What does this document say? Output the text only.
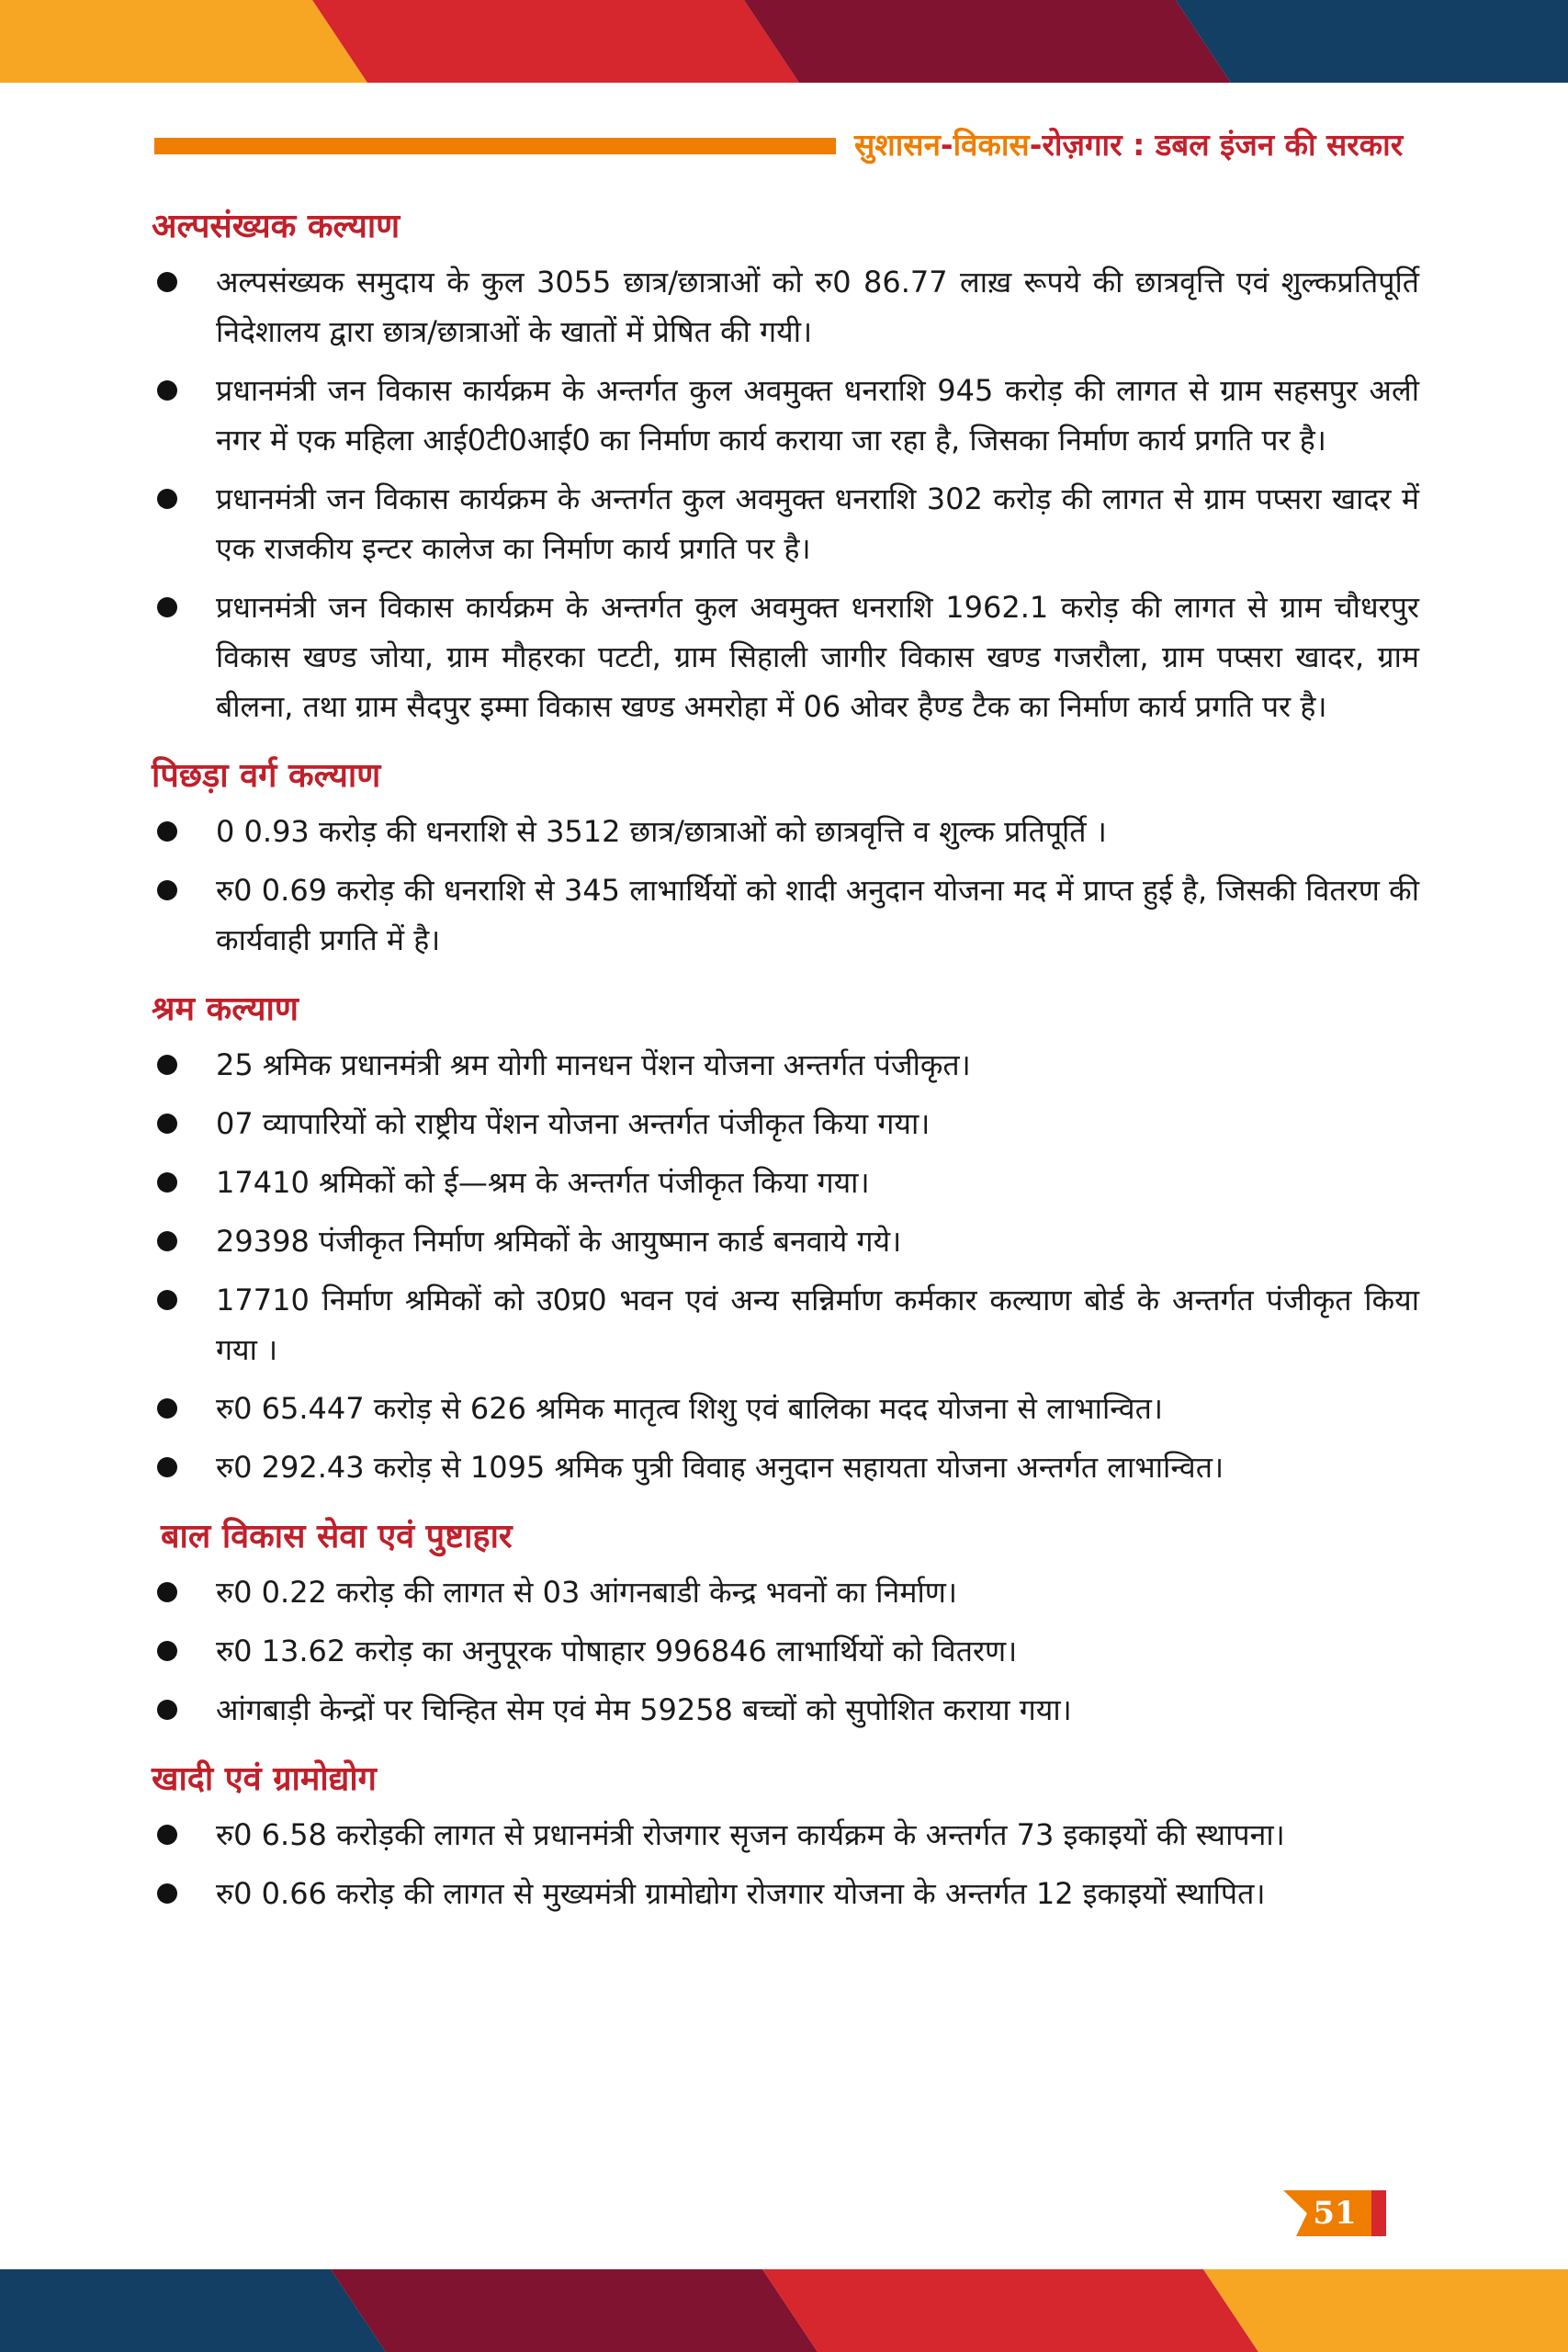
सुशासन-विकास-रोज़गार : डबल इंजन की सरकार
अल्पसंख्यक कल्याण
अल्पसंख्यक समुदाय के कुल 3055 छात्र/छात्राओं को रु0 86.77 लाख़ रूपये की छात्रवृत्ति एवं शुल्कप्रतिपूर्ति निदेशालय द्वारा छात्र/छात्राओं के खातों में प्रेषित की गयी।
प्रधानमंत्री जन विकास कार्यक्रम के अन्तर्गत कुल अवमुक्त धनराशि 945 करोड़ की लागत से ग्राम सहसपुर अली नगर में एक महिला आई0टी0आई0 का निर्माण कार्य कराया जा रहा है, जिसका निर्माण कार्य प्रगति पर है।
प्रधानमंत्री जन विकास कार्यक्रम के अन्तर्गत कुल अवमुक्त धनराशि 302 करोड़ की लागत से ग्राम पप्सरा खादर में एक राजकीय इन्टर कालेज का निर्माण कार्य प्रगति पर है।
प्रधानमंत्री जन विकास कार्यक्रम के अन्तर्गत कुल अवमुक्त धनराशि 1962.1 करोड़ की लागत से ग्राम चौधरपुर विकास खण्ड जोया, ग्राम मौहरका पटटी, ग्राम सिहाली जागीर विकास खण्ड गजरौला, ग्राम पप्सरा खादर, ग्राम बीलना, तथा ग्राम सैदपुर इम्मा विकास खण्ड अमरोहा में 06 ओवर हैण्ड टैक का निर्माण कार्य प्रगति पर है।
पिछड़ा वर्ग कल्याण
0 0.93 करोड़ की धनराशि से 3512 छात्र/छात्राओं को छात्रवृत्ति व शुल्क प्रतिपूर्ति ।
रु0 0.69 करोड़ की धनराशि से 345 लाभार्थियों को शादी अनुदान योजना मद में प्राप्त हुई है, जिसकी वितरण की कार्यवाही प्रगति में है।
श्रम कल्याण
25 श्रमिक प्रधानमंत्री श्रम योगी मानधन पेंशन योजना अन्तर्गत पंजीकृत।
07 व्यापारियों को राष्ट्रीय पेंशन योजना अन्तर्गत पंजीकृत किया गया।
17410 श्रमिकों को ई—श्रम के अन्तर्गत पंजीकृत किया गया।
29398 पंजीकृत निर्माण श्रमिकों के आयुष्मान कार्ड बनवाये गये।
17710 निर्माण श्रमिकों को उ0प्र0 भवन एवं अन्य सन्निर्माण कर्मकार कल्याण बोर्ड के अन्तर्गत पंजीकृत किया गया ।
रु0 65.447 करोड़ से 626 श्रमिक मातृत्व शिशु एवं बालिका मदद योजना से लाभान्वित।
रु0 292.43 करोड़ से 1095 श्रमिक पुत्री विवाह अनुदान सहायता योजना अन्तर्गत लाभान्वित।
बाल विकास सेवा एवं पुष्टाहार
रु0 0.22 करोड़ की लागत से 03 आंगनबाडी केन्द्र भवनों का निर्माण।
रु0 13.62 करोड़ का अनुपूरक पोषाहार 996846 लाभार्थियों को वितरण।
आंगबाड़ी केन्द्रों पर चिन्हित सेम एवं मेम 59258 बच्चों को सुपोशित कराया गया।
खादी एवं ग्रामोद्योग
रु0 6.58 करोड़की लागत से प्रधानमंत्री रोजगार सृजन कार्यक्रम के अन्तर्गत 73 इकाइयों की स्थापना।
रु0 0.66 करोड़ की लागत से मुख्यमंत्री ग्रामोद्योग रोजगार योजना के अन्तर्गत 12 इकाइयों स्थापित।
51
